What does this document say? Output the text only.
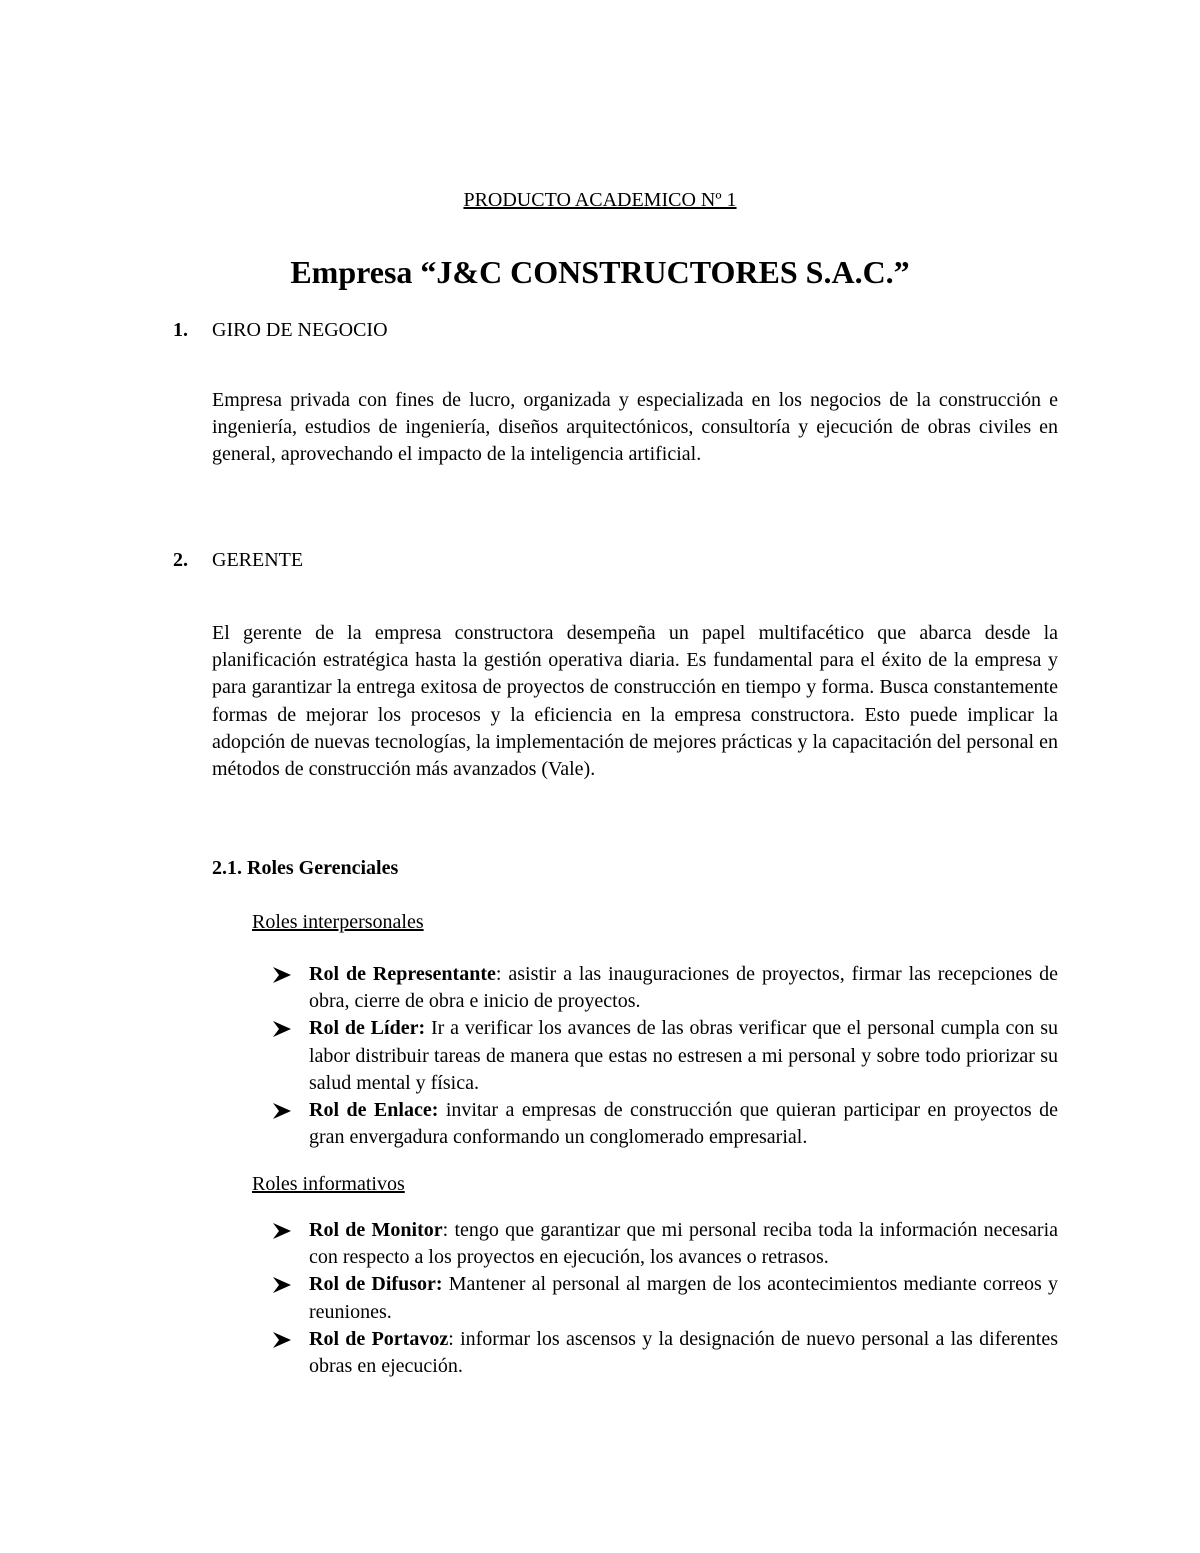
PRODUCTO ACADEMICO Nº 1

Empresa “J&C CONSTRUCTORES S.A.C.”

1. GIRO DE NEGOCIO

Empresa privada con fines de lucro, organizada y especializada en los negocios de la construcción e ingeniería, estudios de ingeniería, diseños arquitectónicos, consultoría y ejecución de obras civiles en general, aprovechando el impacto de la inteligencia artificial.

2. GERENTE

El gerente de la empresa constructora desempeña un papel multifacético que abarca desde la planificación estratégica hasta la gestión operativa diaria. Es fundamental para el éxito de la empresa y para garantizar la entrega exitosa de proyectos de construcción en tiempo y forma. Busca constantemente formas de mejorar los procesos y la eficiencia en la empresa constructora. Esto puede implicar la adopción de nuevas tecnologías, la implementación de mejores prácticas y la capacitación del personal en métodos de construcción más avanzados (Vale).

2.1. Roles Gerenciales

Roles interpersonales

Rol de Representante: asistir a las inauguraciones de proyectos, firmar las recepciones de obra, cierre de obra e inicio de proyectos.
Rol de Líder: Ir a verificar los avances de las obras verificar que el personal cumpla con su labor distribuir tareas de manera que estas no estresen a mi personal y sobre todo priorizar su salud mental y física.
Rol de Enlace: invitar a empresas de construcción que quieran participar en proyectos de gran envergadura conformando un conglomerado empresarial.

Roles informativos

Rol de Monitor: tengo que garantizar que mi personal reciba toda la información necesaria con respecto a los proyectos en ejecución, los avances o retrasos.
Rol de Difusor: Mantener al personal al margen de los acontecimientos mediante correos y reuniones.
Rol de Portavoz: informar los ascensos y la designación de nuevo personal a las diferentes obras en ejecución.
